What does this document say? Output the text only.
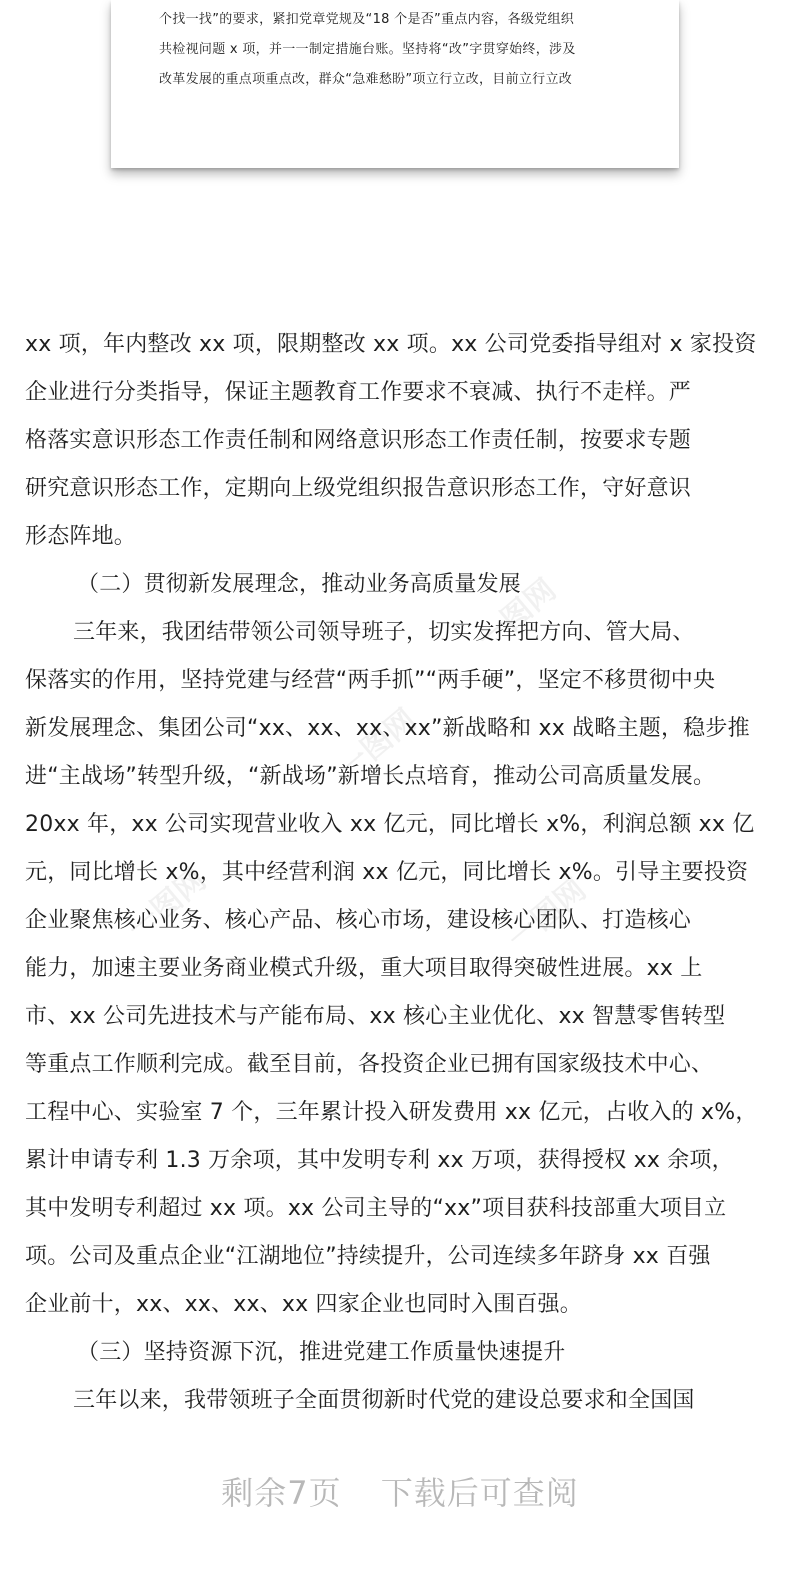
一图网
一图网
一图网	一图网
个找一找”的要求，紧扣党章党规及“18 个是否”重点内容，各级党组织
共检视问题 x 项，并一一制定措施台账。坚持将“改”字贯穿始终，涉及
改革发展的重点项重点改，群众“急难愁盼”项立行立改，目前立行立改
xx 项，年内整改 xx 项，限期整改 xx 项。xx 公司党委指导组对 x 家投资
企业进行分类指导，保证主题教育工作要求不衰减、执行不走样。严
格落实意识形态工作责任制和网络意识形态工作责任制，按要求专题
研究意识形态工作，定期向上级党组织报告意识形态工作，守好意识
形态阵地。
（二）贯彻新发展理念，推动业务高质量发展
三年来，我团结带领公司领导班子，切实发挥把方向、管大局、
保落实的作用，坚持党建与经营“两手抓”“两手硬”，坚定不移贯彻中央
新发展理念、集团公司“xx、xx、xx、xx”新战略和 xx 战略主题，稳步推
进“主战场”转型升级，“新战场”新增长点培育，推动公司高质量发展。
20xx 年，xx 公司实现营业收入 xx 亿元，同比增长 x%，利润总额 xx 亿
元，同比增长 x%，其中经营利润 xx 亿元，同比增长 x%。引导主要投资
企业聚焦核心业务、核心产品、核心市场，建设核心团队、打造核心
能力，加速主要业务商业模式升级，重大项目取得突破性进展。xx 上
市、xx 公司先进技术与产能布局、xx 核心主业优化、xx 智慧零售转型
等重点工作顺利完成。截至目前，各投资企业已拥有国家级技术中心、
工程中心、实验室 7 个，三年累计投入研发费用 xx 亿元，占收入的 x%，
累计申请专利 1.3 万余项，其中发明专利 xx 万项，获得授权 xx 余项，
其中发明专利超过 xx 项。xx 公司主导的“xx”项目获科技部重大项目立
项。公司及重点企业“江湖地位”持续提升，公司连续多年跻身 xx 百强
企业前十，xx、xx、xx、xx 四家企业也同时入围百强。
（三）坚持资源下沉，推进党建工作质量快速提升
三年以来，我带领班子全面贯彻新时代党的建设总要求和全国国
剩余7页 下载后可查阅
